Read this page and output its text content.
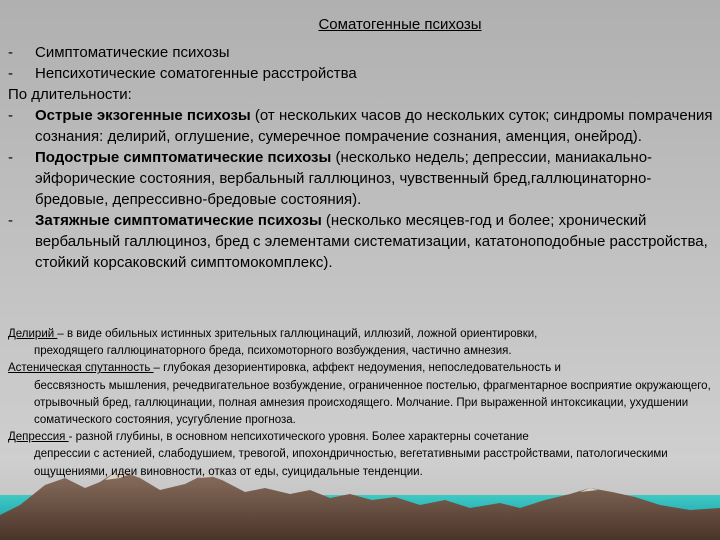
Соматогенные психозы
-	Симптоматические психозы
-	Непсихотические соматогенные расстройства
По длительности:
-	Острые экзогенные психозы (от нескольких часов до нескольких суток; синдромы помрачения сознания: делирий, оглушение, сумеречное помрачение сознания, аменция, онейрод).
-	Подострые симптоматические психозы (несколько недель; депрессии, маниакально-эйфорические состояния, вербальный галлюциноз, чувственный бред,галлюцинаторно-бредовые, депрессивно-бредовые состояния).
-	Затяжные симптоматические психозы (несколько месяцев-год и более; хронический вербальный галлюциноз, бред с элементами систематизации, кататоноподобные расстройства, стойкий корсаковский симптомокомплекс).
Делирий – в виде обильных истинных зрительных галлюцинаций, иллюзий, ложной ориентировки,
преходящего галлюцинаторного бреда, психомоторного возбуждения, частично амнезия.
Астеническая спутанность – глубокая дезориентировка, аффект недоумения, непоследовательность и
бессвязность мышления, речедвигательное возбуждение, ограниченное постелью, фрагментарное восприятие окружающего, отрывочный бред, галлюцинации, полная амнезия происходящего. Молчание. При выраженной интоксикации, ухудшении соматического состояния, усугубление прогноза.
Депрессия - разной глубины, в основном непсихотического уровня. Более характерны сочетание
депрессии с астенией, слабодушием, тревогой, ипохондричностью, вегетативными расстройствами, патологическими ощущениями, идеи виновности, отказ от еды, суицидальные тенденции.
